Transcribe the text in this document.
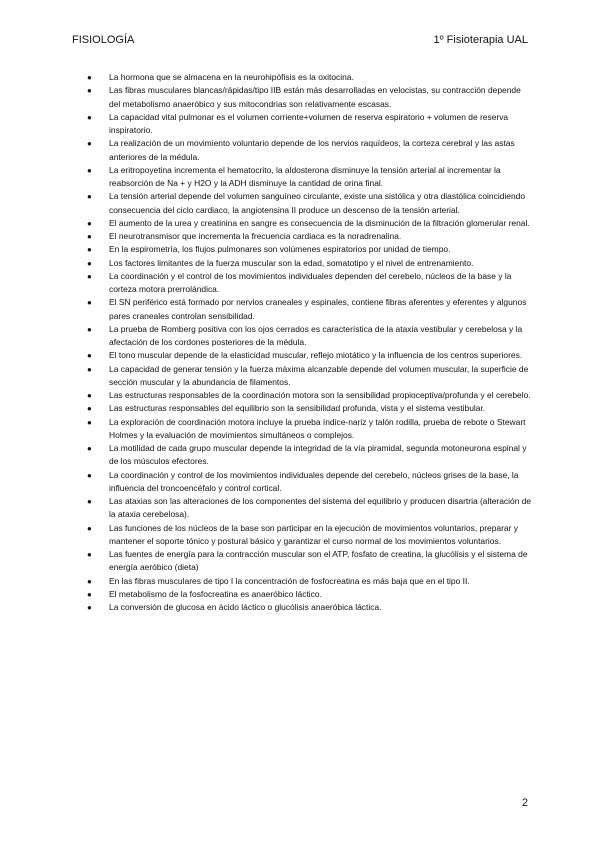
FISIOLOGÍA	1º Fisioterapia UAL
● La hormona que se almacena en la neurohipófisis es la oxitocina.
● Las fibras musculares blancas/rápidas/tipo IIB están más desarrolladas en velocistas, su contracción depende del metabolismo anaeróbico y sus mitocondrias son relativamente escasas.
● La capacidad vital pulmonar es el volumen corriente+volumen de reserva espiratorio + volumen de reserva inspiratorio.
● La realización de un movimiento voluntario depende de los nervios raquídeos, la corteza cerebral y las astas anteriores de la médula.
● La eritropoyetina incrementa el hematocrito, la aldosterona disminuye la tensión arterial al incrementar la reabsorción de Na + y H2O y la ADH disminuye la cantidad de orina final.
● La tensión arterial depende del volumen sanguíneo circulante, existe una sistólica y otra diastólica coincidiendo consecuencia del ciclo cardiaco, la angiotensina II produce un descenso de la tensión arterial.
● El aumento de la urea y creatinina en sangre es consecuencia de la disminución de la filtración glomerular renal.
● El neurotransmisor que incrementa la frecuencia cardiaca es la noradrenalina.
● En la espirometría, los flujos pulmonares son volúmenes espiratorios por unidad de tiempo.
● Los factores limitantes de la fuerza muscular son la edad, somatotipo y el nivel de entrenamiento.
● La coordinación y el control de los movimientos individuales dependen del cerebelo, núcleos de la base y la corteza motora prerrolándica.
● El SN periférico está formado por nervios craneales y espinales, contiene fibras aferentes y eferentes y algunos pares craneales controlan sensibilidad.
● La prueba de Romberg positiva con los ojos cerrados es característica de la ataxia vestibular y cerebelosa y la afectación de los cordones posteriores de la médula.
● El tono muscular depende de la elasticidad muscular, reflejo miotático y la influencia de los centros superiores.
● La capacidad de generar tensión y la fuerza máxima alcanzable depende del volumen muscular, la superficie de sección muscular y la abundancia de filamentos.
● Las estructuras responsables de la coordinación motora son la sensibilidad propioceptiva/profunda y el cerebelo.
● Las estructuras responsables del equilibrio son la sensibilidad profunda, vista y el sistema vestibular.
● La exploración de coordinación motora incluye la prueba índice-nariz y talón rodilla, prueba de rebote o Stewart Holmes y la evaluación de movimientos simultáneos o complejos.
● La motilidad de cada grupo muscular depende la integridad de la vía piramidal, segunda motoneurona espinal y de los músculos efectores.
● La coordinación y control de los movimientos individuales depende del cerebelo, núcleos grises de la base, la influencia del troncoencéfalo y control cortical.
● Las ataxias son las alteraciones de los componentes del sistema del equilibrio y producen disartria (alteración de la ataxia cerebelosa).
● Las funciones de los núcleos de la base son participar en la ejecución de movimientos voluntarios, preparar y mantener el soporte tónico y postural básico y garantizar el curso normal de los movimientos voluntarios.
● Las fuentes de energía para la contracción muscular son el ATP, fosfato de creatina, la glucólisis y el sistema de energía aeróbico (dieta)
● En las fibras musculares de tipo I la concentración de fosfocreatina es más baja que en el tipo II.
● El metabolismo de la fosfocreatina es anaeróbico láctico.
● La conversión de glucosa en ácido láctico o glucólisis anaeróbica láctica.
2
